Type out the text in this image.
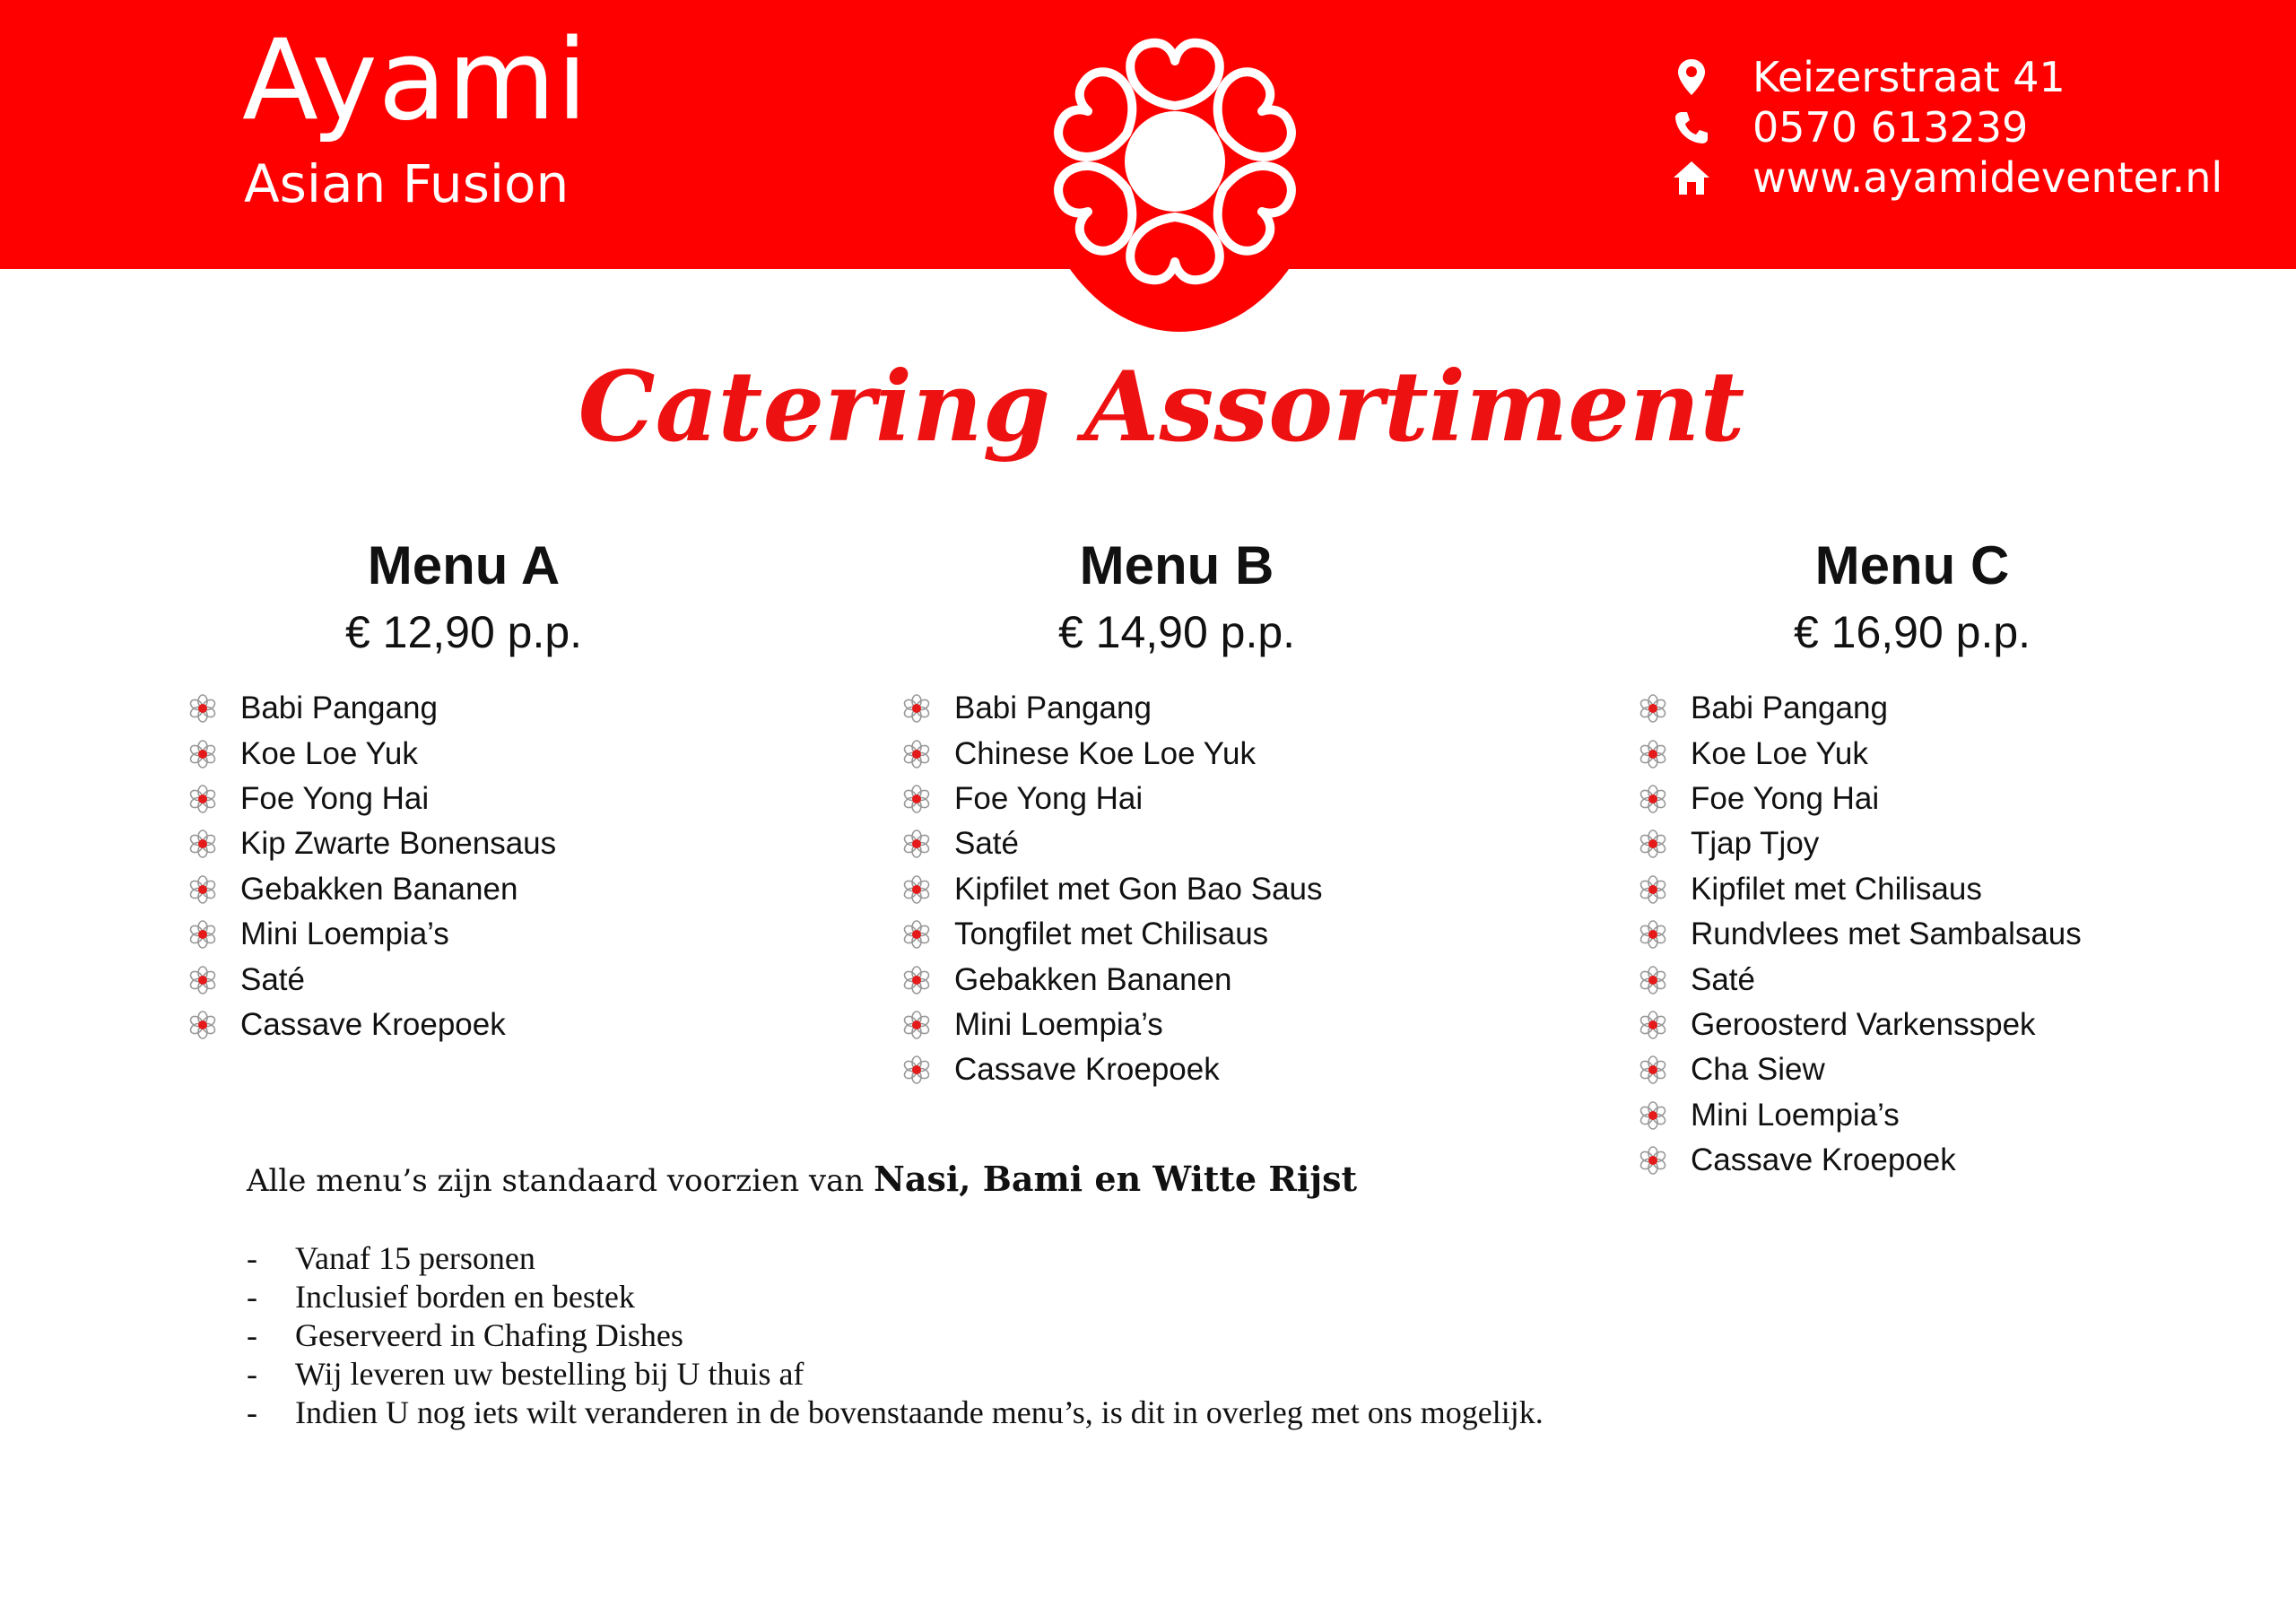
Ayami
Asian Fusion
Keizerstraat 41
0570 613239
www.ayamideventer.nl
Catering Assortiment
Menu A
€ 12,90 p.p.
Babi Pangang
Koe Loe Yuk
Foe Yong Hai
Kip Zwarte Bonensaus
Gebakken Bananen
Mini Loempia’s
Saté
Cassave Kroepoek
Menu B
€ 14,90 p.p.
Babi Pangang
Chinese Koe Loe Yuk
Foe Yong Hai
Saté
Kipfilet met Gon Bao Saus
Tongfilet met Chilisaus
Gebakken Bananen
Mini Loempia’s
Cassave Kroepoek
Menu C
€ 16,90 p.p.
Babi Pangang
Koe Loe Yuk
Foe Yong Hai
Tjap Tjoy
Kipfilet met Chilisaus
Rundvlees met Sambalsaus
Saté
Geroosterd Varkensspek
Cha Siew
Mini Loempia’s
Cassave Kroepoek
Alle menu’s zijn standaard voorzien van Nasi, Bami en Witte Rijst
-	Vanaf 15 personen
-	Inclusief borden en bestek
-	Geserveerd in Chafing Dishes
-	Wij leveren uw bestelling bij U thuis af
-	Indien U nog iets wilt veranderen in de bovenstaande menu’s, is dit in overleg met ons mogelijk.
